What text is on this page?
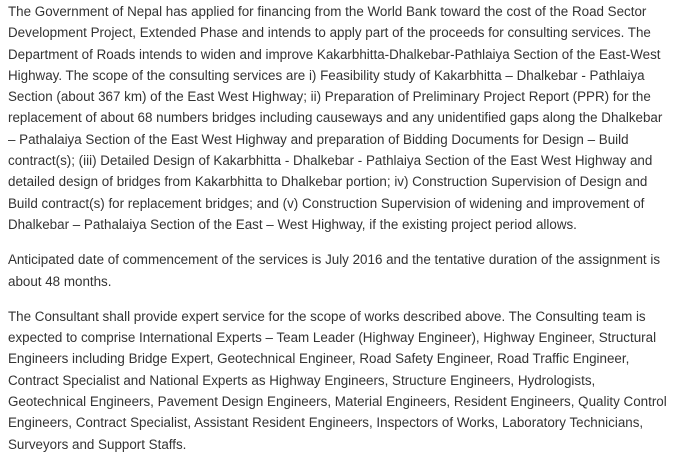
The Government of Nepal has applied for financing from the World Bank toward the cost of the Road Sector Development Project, Extended Phase and intends to apply part of the proceeds for consulting services. The Department of Roads intends to widen and improve Kakarbhitta-Dhalkebar-Pathlaiya Section of the East-West Highway. The scope of the consulting services are i) Feasibility study of Kakarbhitta – Dhalkebar - Pathlaiya Section (about 367 km) of the East West Highway; ii) Preparation of Preliminary Project Report (PPR) for the replacement of about 68 numbers bridges including causeways and any unidentified gaps along the Dhalkebar – Pathalaiya Section of the East West Highway and preparation of Bidding Documents for Design – Build contract(s); (iii) Detailed Design of Kakarbhitta - Dhalkebar - Pathlaiya Section of the East West Highway and detailed design of bridges from Kakarbhitta to Dhalkebar portion; iv) Construction Supervision of Design and Build contract(s) for replacement bridges; and (v) Construction Supervision of widening and improvement of Dhalkebar – Pathalaiya Section of the East – West Highway, if the existing project period allows.

Anticipated date of commencement of the services is July 2016 and the tentative duration of the assignment is about 48 months.

The Consultant shall provide expert service for the scope of works described above. The Consulting team is expected to comprise International Experts – Team Leader (Highway Engineer), Highway Engineer, Structural Engineers including Bridge Expert, Geotechnical Engineer, Road Safety Engineer, Road Traffic Engineer, Contract Specialist and National Experts as Highway Engineers, Structure Engineers, Hydrologists, Geotechnical Engineers, Pavement Design Engineers, Material Engineers, Resident Engineers, Quality Control Engineers, Contract Specialist, Assistant Resident Engineers, Inspectors of Works, Laboratory Technicians, Surveyors and Support Staffs.
